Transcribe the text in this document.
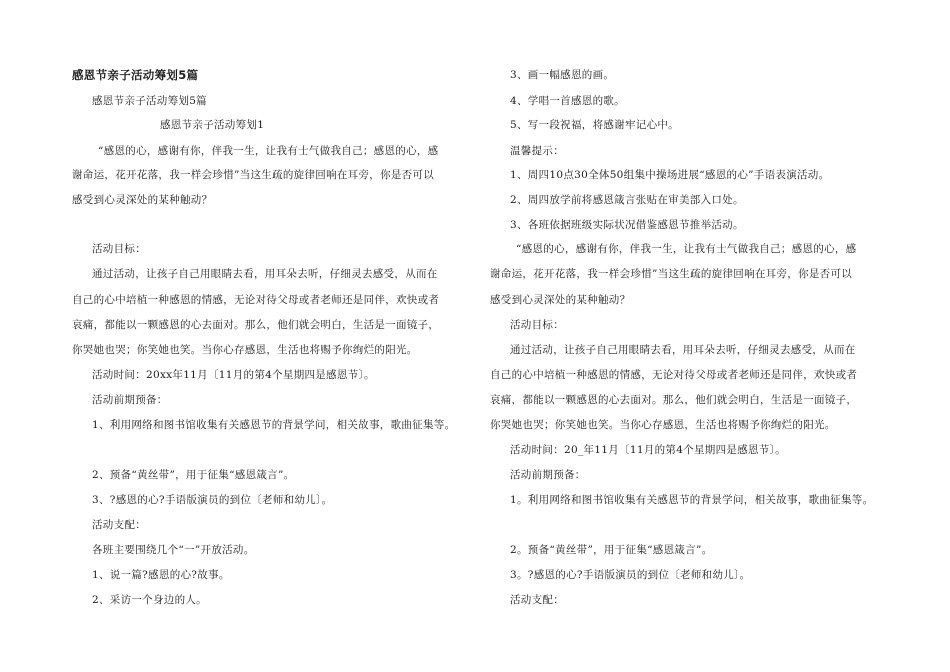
感恩节亲子活动筹划5篇
感恩节亲子活动筹划5篇
感恩节亲子活动筹划1
“感恩的心，感谢有你，伴我一生，让我有士气做我自己；感恩的心，感
谢命运，花开花落，我一样会珍惜”当这生疏的旋律回响在耳旁，你是否可以
感受到心灵深处的某种触动？
活动目标：
通过活动，让孩子自己用眼睛去看，用耳朵去听，仔细灵去感受，从而在
自己的心中培植一种感恩的情感，无论对待父母或者老师还是同伴，欢快或者
哀痛，都能以一颗感恩的心去面对。那么，他们就会明白，生活是一面镜子，
你哭她也哭；你笑她也笑。当你心存感恩，生活也将赐予你绚烂的阳光。
活动时间：20xx年11月〔11月的第4个星期四是感恩节〕。
活动前期预备：
1、利用网络和图书馆收集有关感恩节的背景学问，相关故事，歌曲征集等。
2、预备“黄丝带”，用于征集“感恩箴言”。
3、?感恩的心?手语版演员的到位〔老师和幼儿〕。
活动支配：
各班主要围绕几个“一”开放活动。
1、说一篇?感恩的心?故事。
2、采访一个身边的人。
3、画一幅感恩的画。
4、学唱一首感恩的歌。
5、写一段祝福，将感谢牢记心中。
温馨提示：
1、周四10点30全体50组集中操场进展“感恩的心”手语表演活动。
2、周四放学前将感恩箴言张贴在审美部入口处。
3、各班依据班级实际状况借鉴感恩节推举活动。
“感恩的心，感谢有你，伴我一生，让我有士气做我自己；感恩的心，感
谢命运，花开花落，我一样会珍惜”当这生疏的旋律回响在耳旁，你是否可以
感受到心灵深处的某种触动？
活动目标：
通过活动，让孩子自己用眼睛去看，用耳朵去听，仔细灵去感受，从而在
自己的心中培植一种感恩的情感，无论对待父母或者老师还是同伴，欢快或者
哀痛，都能以一颗感恩的心去面对。那么，他们就会明白，生活是一面镜子，
你哭她也哭；你笑她也笑。当你心存感恩，生活也将赐予你绚烂的阳光。
活动时间：20_年11月〔11月的第4个星期四是感恩节〕。
活动前期预备：
1。利用网络和图书馆收集有关感恩节的背景学问，相关故事，歌曲征集等。
2。预备“黄丝带”，用于征集“感恩箴言”。
3。?感恩的心?手语版演员的到位〔老师和幼儿〕。
活动支配：
